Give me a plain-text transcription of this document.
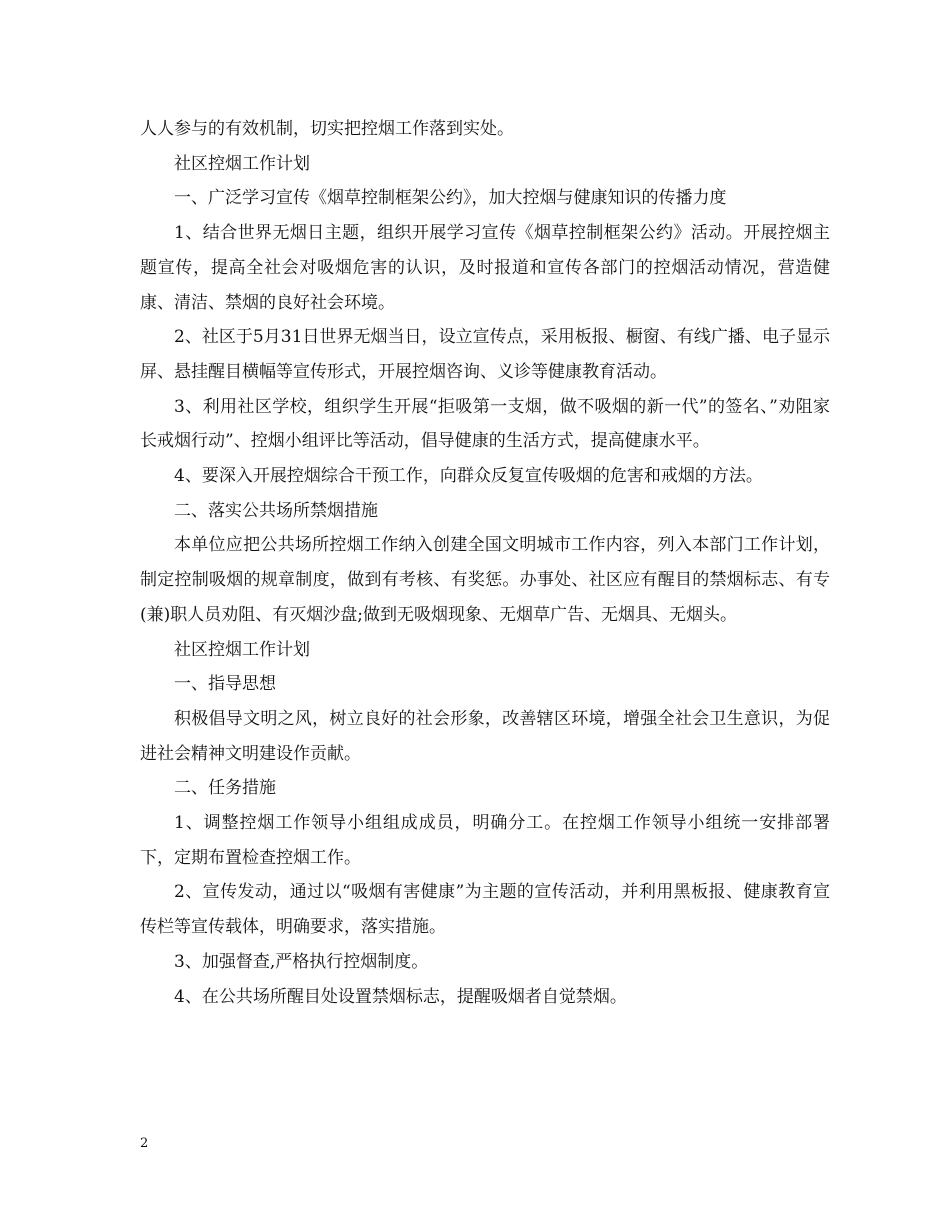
人人参与的有效机制，切实把控烟工作落到实处。

社区控烟工作计划

一、广泛学习宣传《烟草控制框架公约》，加大控烟与健康知识的传播力度

1、结合世界无烟日主题，组织开展学习宣传《烟草控制框架公约》活动。开展控烟主题宣传，提高全社会对吸烟危害的认识，及时报道和宣传各部门的控烟活动情况，营造健康、清洁、禁烟的良好社会环境。

2、社区于5月31日世界无烟当日，设立宣传点，采用板报、橱窗、有线广播、电子显示屏、悬挂醒目横幅等宣传形式，开展控烟咨询、义诊等健康教育活动。

3、利用社区学校，组织学生开展“拒吸第一支烟，做不吸烟的新一代”的签名、”劝阻家长戒烟行动”、控烟小组评比等活动，倡导健康的生活方式，提高健康水平。

4、要深入开展控烟综合干预工作，向群众反复宣传吸烟的危害和戒烟的方法。

二、落实公共场所禁烟措施

本单位应把公共场所控烟工作纳入创建全国文明城市工作内容，列入本部门工作计划，制定控制吸烟的规章制度，做到有考核、有奖惩。办事处、社区应有醒目的禁烟标志、有专(兼)职人员劝阻、有灭烟沙盘;做到无吸烟现象、无烟草广告、无烟具、无烟头。

社区控烟工作计划

一、指导思想

积极倡导文明之风，树立良好的社会形象，改善辖区环境，增强全社会卫生意识，为促进社会精神文明建设作贡献。

二、任务措施

1、调整控烟工作领导小组组成成员，明确分工。在控烟工作领导小组统一安排部署下，定期布置检查控烟工作。

2、宣传发动，通过以“吸烟有害健康”为主题的宣传活动，并利用黑板报、健康教育宣传栏等宣传载体，明确要求，落实措施。

3、加强督查,严格执行控烟制度。

4、在公共场所醒目处设置禁烟标志，提醒吸烟者自觉禁烟。

2
